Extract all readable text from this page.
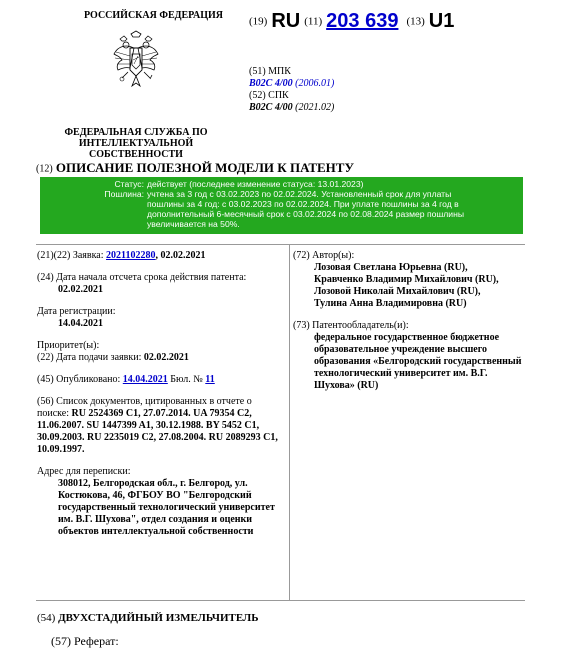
РОССИЙСКАЯ ФЕДЕРАЦИЯ
ФЕДЕРАЛЬНАЯ СЛУЖБА ПО ИНТЕЛЛЕКТУАЛЬНОЙ СОБСТВЕННОСТИ
(19) RU (11) 203 639 (13) U1
(51) МПК
B02C 4/00 (2006.01)
(52) СПК
B02C 4/00 (2021.02)
(12) ОПИСАНИЕ ПОЛЕЗНОЙ МОДЕЛИ К ПАТЕНТУ
Статус:	действует (последнее изменение статуса: 13.01.2023)
Пошлина:	учтена за 3 год с 03.02.2023 по 02.02.2024. Установленный срок для уплаты
пошлины за 4 год: с 03.02.2023 по 02.02.2024. При уплате пошлины за 4 год в
дополнительный 6-месячный срок с 03.02.2024 по 02.08.2024 размер пошлины
увеличивается на 50%.
(21)(22) Заявка: 2021102280, 02.02.2021
(24) Дата начала отсчета срока действия патента:
02.02.2021
Дата регистрации:
14.04.2021
Приоритет(ы):
(22) Дата подачи заявки: 02.02.2021
(45) Опубликовано: 14.04.2021 Бюл. № 11
(56) Список документов, цитированных в отчете о поиске: RU 2524369 C1, 27.07.2014. UA 79354 C2, 11.06.2007. SU 1447399 A1, 30.12.1988. BY 5452 C1, 30.09.2003. RU 2235019 C2, 27.08.2004. RU 2089293 C1, 10.09.1997.
Адрес для переписки:
308012, Белгородская обл., г. Белгород, ул. Костюкова, 46, ФГБОУ ВО "Белгородский государственный технологический университет им. В.Г. Шухова", отдел создания и оценки объектов интеллектуальной собственности
(72) Автор(ы):
Лозовая Светлана Юрьевна (RU),
Кравченко Владимир Михайлович (RU),
Лозовой Николай Михайлович (RU),
Тулина Анна Владимировна (RU)
(73) Патентообладатель(и):
федеральное государственное бюджетное образовательное учреждение высшего образования «Белгородский государственный технологический университет им. В.Г. Шухова» (RU)
(54) ДВУХСТАДИЙНЫЙ ИЗМЕЛЬЧИТЕЛЬ
(57) Реферат:
